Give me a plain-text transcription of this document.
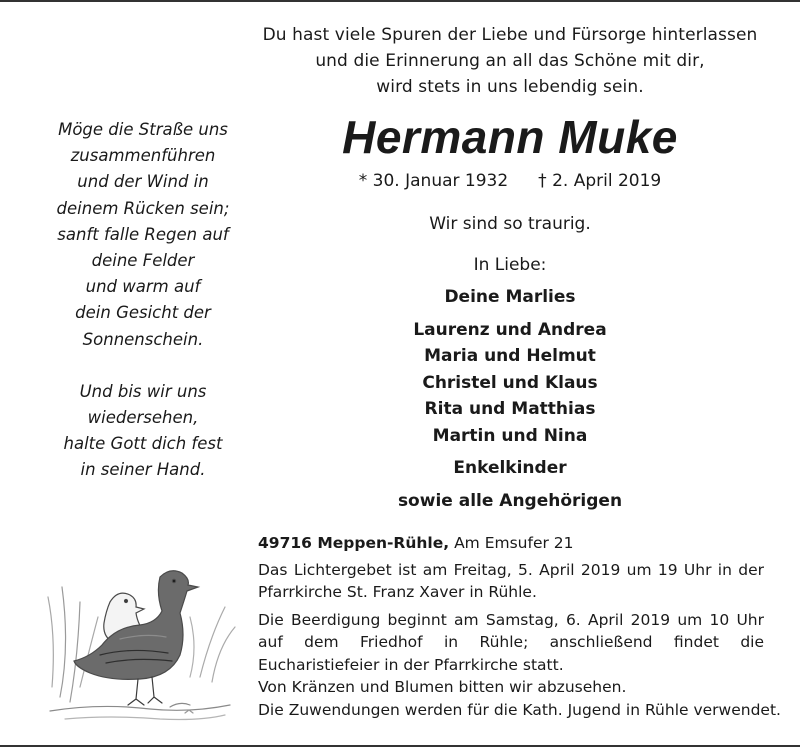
Du hast viele Spuren der Liebe und Fürsorge hinterlassen
und die Erinnerung an all das Schöne mit dir,
wird stets in uns lebendig sein.
Möge die Straße uns
zusammenführen
und der Wind in
deinem Rücken sein;
sanft falle Regen auf
deine Felder
und warm auf
dein Gesicht der
Sonnenschein.
Und bis wir uns
wiedersehen,
halte Gott dich fest
in seiner Hand.
Hermann Muke
* 30. Januar 1932 † 2. April 2019
Wir sind so traurig.
In Liebe:
Deine Marlies
Laurenz und Andrea
Maria und Helmut
Christel und Klaus
Rita und Matthias
Martin und Nina
Enkelkinder
sowie alle Angehörigen
49716 Meppen-Rühle, Am Emsufer 21

Das Lichtergebet ist am Freitag, 5. April 2019 um 19 Uhr in der Pfarrkirche St. Franz Xaver in Rühle.

Die Beerdigung beginnt am Samstag, 6. April 2019 um 10 Uhr auf dem Friedhof in Rühle; anschließend findet die Eucharistiefeier in der Pfarrkirche statt.

Von Kränzen und Blumen bitten wir abzusehen.
Die Zuwendungen werden für die Kath. Jugend in Rühle verwendet.
